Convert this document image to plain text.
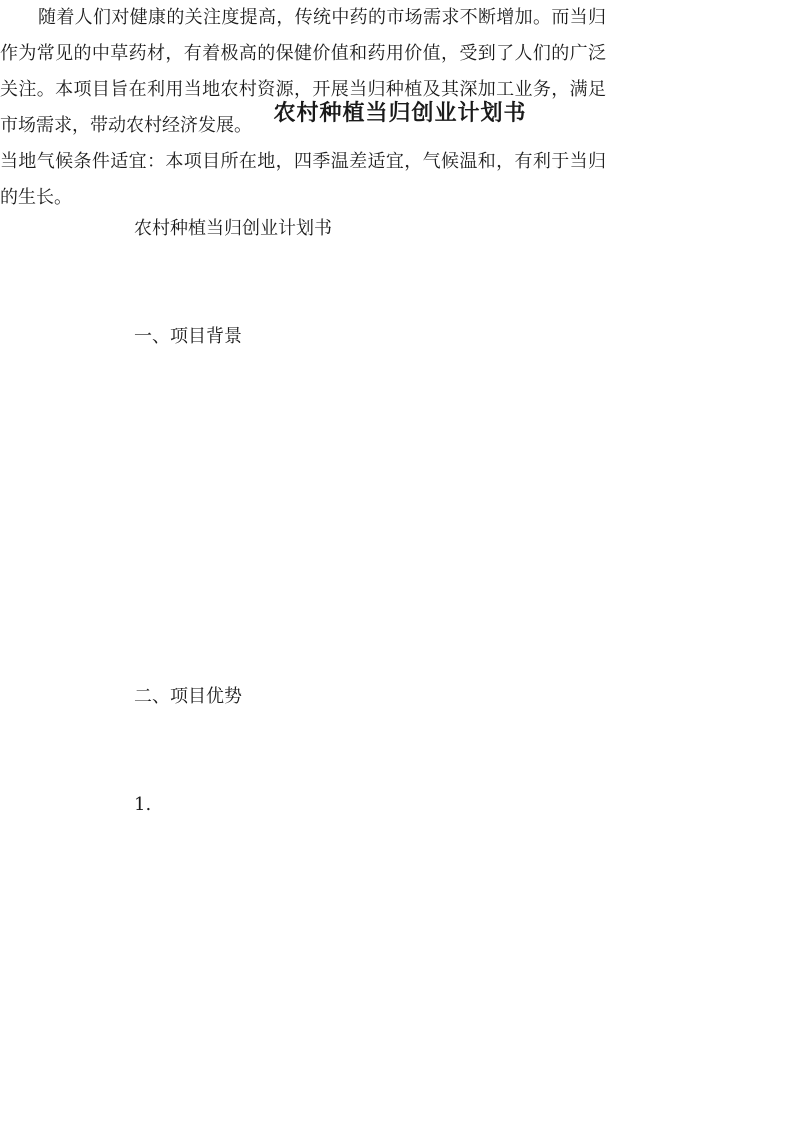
农村种植当归创业计划书
农村种植当归创业计划书
一、项目背景
随着人们对健康的关注度提高，传统中药的市场需求不断增加。而当归作为常见的中草药材，有着极高的保健价值和药用价值，受到了人们的广泛关注。本项目旨在利用当地农村资源，开展当归种植及其深加工业务，满足市场需求，带动农村经济发展。
二、项目优势
1.
当地气候条件适宜：本项目所在地，四季温差适宜，气候温和，有利于当归的生长。
